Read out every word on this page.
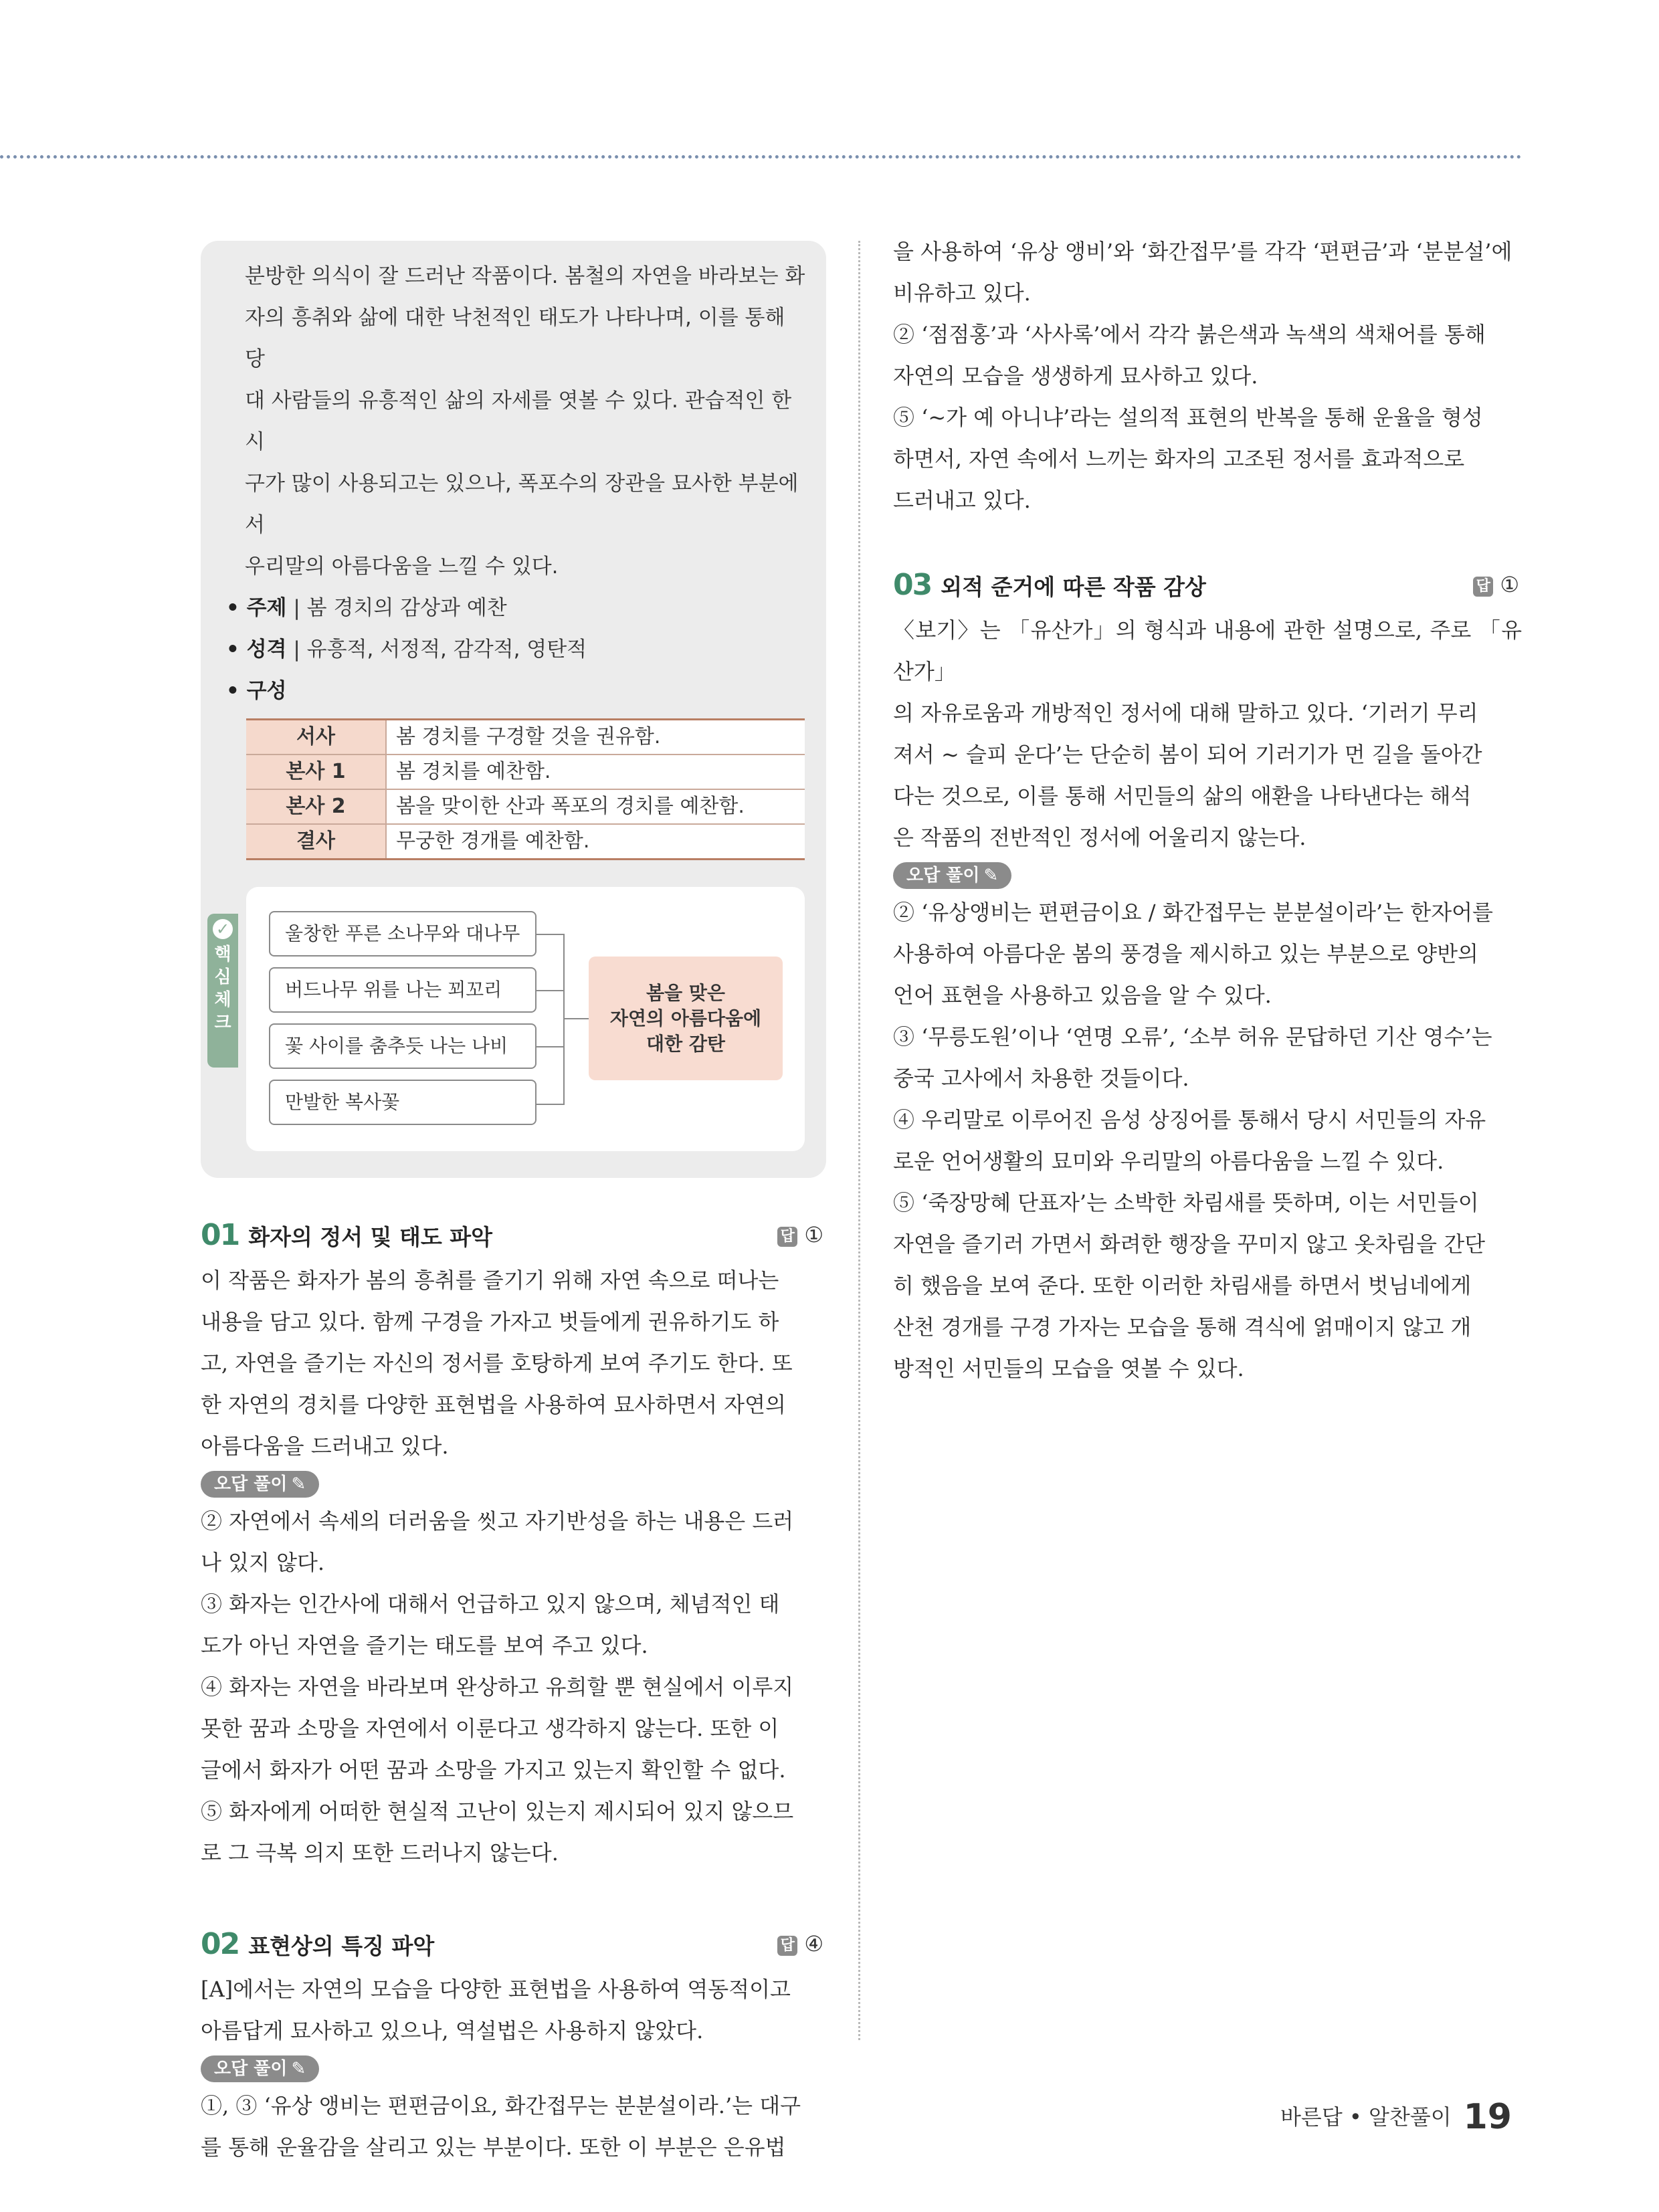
분방한 의식이 잘 드러난 작품이다. 봄철의 자연을 바라보는 화
자의 흥취와 삶에 대한 낙천적인 태도가 나타나며, 이를 통해 당
대 사람들의 유흥적인 삶의 자세를 엿볼 수 있다. 관습적인 한시
구가 많이 사용되고는 있으나, 폭포수의 장관을 묘사한 부분에서
우리말의 아름다움을 느낄 수 있다.
• 주제 | 봄 경치의 감상과 예찬
• 성격 | 유흥적, 서정적, 감각적, 영탄적
• 구성
서사	봄 경치를 구경할 것을 권유함.
본사 1	봄 경치를 예찬함.
본사 2	봄을 맞이한 산과 폭포의 경치를 예찬함.
결사	무궁한 경개를 예찬함.
✓
핵
심
체
크
울창한 푸른 소나무와 대나무
버드나무 위를 나는 꾀꼬리
꽃 사이를 춤추듯 나는 나비
만발한 복사꽃
봄을 맞은
자연의 아름다움에
대한 감탄
01 화자의 정서 및 태도 파악	답 ①
이 작품은 화자가 봄의 흥취를 즐기기 위해 자연 속으로 떠나는
내용을 담고 있다. 함께 구경을 가자고 벗들에게 권유하기도 하
고, 자연을 즐기는 자신의 정서를 호탕하게 보여 주기도 한다. 또
한 자연의 경치를 다양한 표현법을 사용하여 묘사하면서 자연의
아름다움을 드러내고 있다.
오답 풀이 ✎
② 자연에서 속세의 더러움을 씻고 자기반성을 하는 내용은 드러
나 있지 않다.
③ 화자는 인간사에 대해서 언급하고 있지 않으며, 체념적인 태
도가 아닌 자연을 즐기는 태도를 보여 주고 있다.
④ 화자는 자연을 바라보며 완상하고 유희할 뿐 현실에서 이루지
못한 꿈과 소망을 자연에서 이룬다고 생각하지 않는다. 또한 이
글에서 화자가 어떤 꿈과 소망을 가지고 있는지 확인할 수 없다.
⑤ 화자에게 어떠한 현실적 고난이 있는지 제시되어 있지 않으므
로 그 극복 의지 또한 드러나지 않는다.
02 표현상의 특징 파악	답 ④
[A]에서는 자연의 모습을 다양한 표현법을 사용하여 역동적이고
아름답게 묘사하고 있으나, 역설법은 사용하지 않았다.
오답 풀이 ✎
①, ③ ‘유상 앵비는 편편금이요, 화간접무는 분분설이라.’는 대구
를 통해 운율감을 살리고 있는 부분이다. 또한 이 부분은 은유법
을 사용하여 ‘유상 앵비’와 ‘화간접무’를 각각 ‘편편금’과 ‘분분설’에
비유하고 있다.
② ‘점점홍’과 ‘사사록’에서 각각 붉은색과 녹색의 색채어를 통해
자연의 모습을 생생하게 묘사하고 있다.
⑤ ‘~가 예 아니냐’라는 설의적 표현의 반복을 통해 운율을 형성
하면서, 자연 속에서 느끼는 화자의 고조된 정서를 효과적으로
드러내고 있다.
03 외적 준거에 따른 작품 감상	답 ①
〈보기〉는 「유산가」의 형식과 내용에 관한 설명으로, 주로 「유산가」
의 자유로움과 개방적인 정서에 대해 말하고 있다. ‘기러기 무리
져서 ~ 슬피 운다’는 단순히 봄이 되어 기러기가 먼 길을 돌아간
다는 것으로, 이를 통해 서민들의 삶의 애환을 나타낸다는 해석
은 작품의 전반적인 정서에 어울리지 않는다.
오답 풀이 ✎
② ‘유상앵비는 편편금이요 / 화간접무는 분분설이라’는 한자어를
사용하여 아름다운 봄의 풍경을 제시하고 있는 부분으로 양반의
언어 표현을 사용하고 있음을 알 수 있다.
③ ‘무릉도원’이나 ‘연명 오류’, ‘소부 허유 문답하던 기산 영수’는
중국 고사에서 차용한 것들이다.
④ 우리말로 이루어진 음성 상징어를 통해서 당시 서민들의 자유
로운 언어생활의 묘미와 우리말의 아름다움을 느낄 수 있다.
⑤ ‘죽장망혜 단표자’는 소박한 차림새를 뜻하며, 이는 서민들이
자연을 즐기러 가면서 화려한 행장을 꾸미지 않고 옷차림을 간단
히 했음을 보여 준다. 또한 이러한 차림새를 하면서 벗님네에게
산천 경개를 구경 가자는 모습을 통해 격식에 얽매이지 않고 개
방적인 서민들의 모습을 엿볼 수 있다.
바른답 • 알찬풀이 19
